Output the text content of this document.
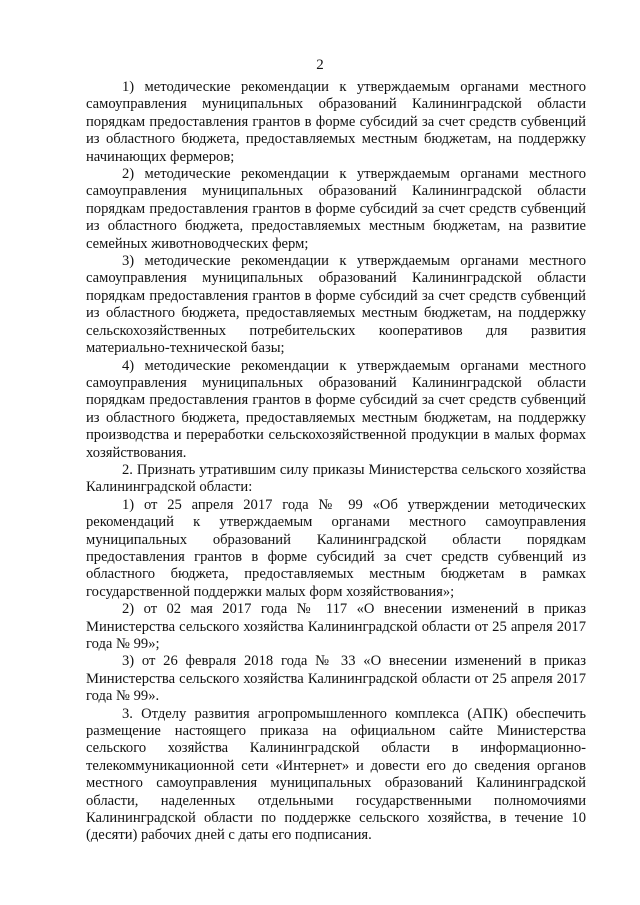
2

1) методические рекомендации к утверждаемым органами местного самоуправления муниципальных образований Калининградской области порядкам предоставления грантов в форме субсидий за счет средств субвенций из областного бюджета, предоставляемых местным бюджетам, на поддержку начинающих фермеров;

2) методические рекомендации к утверждаемым органами местного самоуправления муниципальных образований Калининградской области порядкам предоставления грантов в форме субсидий за счет средств субвенций из областного бюджета, предоставляемых местным бюджетам, на развитие семейных животноводческих ферм;

3) методические рекомендации к утверждаемым органами местного самоуправления муниципальных образований Калининградской области порядкам предоставления грантов в форме субсидий за счет средств субвенций из областного бюджета, предоставляемых местным бюджетам, на поддержку сельскохозяйственных потребительских кооперативов для развития материально-технической базы;

4) методические рекомендации к утверждаемым органами местного самоуправления муниципальных образований Калининградской области порядкам предоставления грантов в форме субсидий за счет средств субвенций из областного бюджета, предоставляемых местным бюджетам, на поддержку производства и переработки сельскохозяйственной продукции в малых формах хозяйствования.

2. Признать утратившим силу приказы Министерства сельского хозяйства Калининградской области:

1) от 25 апреля 2017 года № 99 «Об утверждении методических рекомендаций к утверждаемым органами местного самоуправления муниципальных образований Калининградской области порядкам предоставления грантов в форме субсидий за счет средств субвенций из областного бюджета, предоставляемых местным бюджетам в рамках государственной поддержки малых форм хозяйствования»;

2) от 02 мая 2017 года № 117 «О внесении изменений в приказ Министерства сельского хозяйства Калининградской области от 25 апреля 2017 года № 99»;

3) от 26 февраля 2018 года № 33 «О внесении изменений в приказ Министерства сельского хозяйства Калининградской области от 25 апреля 2017 года № 99».

3. Отделу развития агропромышленного комплекса (АПК) обеспечить размещение настоящего приказа на официальном сайте Министерства сельского хозяйства Калининградской области в информационно-телекоммуникационной сети «Интернет» и довести его до сведения органов местного самоуправления муниципальных образований Калининградской области, наделенных отдельными государственными полномочиями Калининградской области по поддержке сельского хозяйства, в течение 10 (десяти) рабочих дней с даты его подписания.
